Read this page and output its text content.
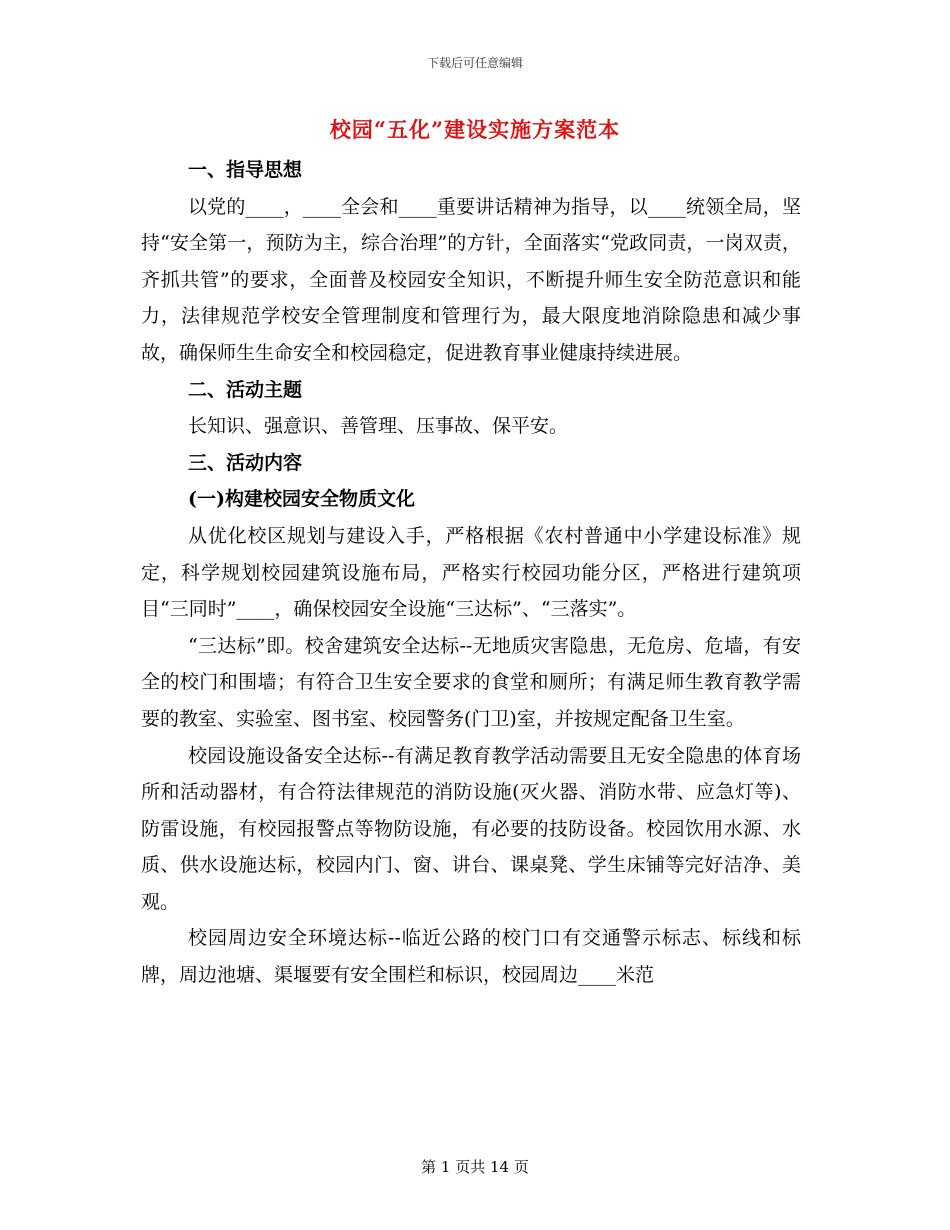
下载后可任意编辑
校园“五化”建设实施方案范本

一、指导思想

以党的____，____全会和____重要讲话精神为指导，以____统领全局，坚持“安全第一，预防为主，综合治理”的方针，全面落实“党政同责，一岗双责，齐抓共管”的要求，全面普及校园安全知识，不断提升师生安全防范意识和能力，法律规范学校安全管理制度和管理行为，最大限度地消除隐患和减少事故，确保师生生命安全和校园稳定，促进教育事业健康持续进展。

二、活动主题

长知识、强意识、善管理、压事故、保平安。

三、活动内容

(一)构建校园安全物质文化

从优化校区规划与建设入手，严格根据《农村普通中小学建设标准》规定，科学规划校园建筑设施布局，严格实行校园功能分区，严格进行建筑项目“三同时”____，确保校园安全设施“三达标”、“三落实”。

“三达标”即。校舍建筑安全达标--无地质灾害隐患，无危房、危墙，有安全的校门和围墙；有符合卫生安全要求的食堂和厕所；有满足师生教育教学需要的教室、实验室、图书室、校园警务(门卫)室，并按规定配备卫生室。

校园设施设备安全达标--有满足教育教学活动需要且无安全隐患的体育场所和活动器材，有合符法律规范的消防设施(灭火器、消防水带、应急灯等)、防雷设施，有校园报警点等物防设施，有必要的技防设备。校园饮用水源、水质、供水设施达标，校园内门、窗、讲台、课桌凳、学生床铺等完好洁净、美观。

校园周边安全环境达标--临近公路的校门口有交通警示标志、标线和标牌，周边池塘、渠堰要有安全围栏和标识，校园周边____米范

第 1 页共 14 页
